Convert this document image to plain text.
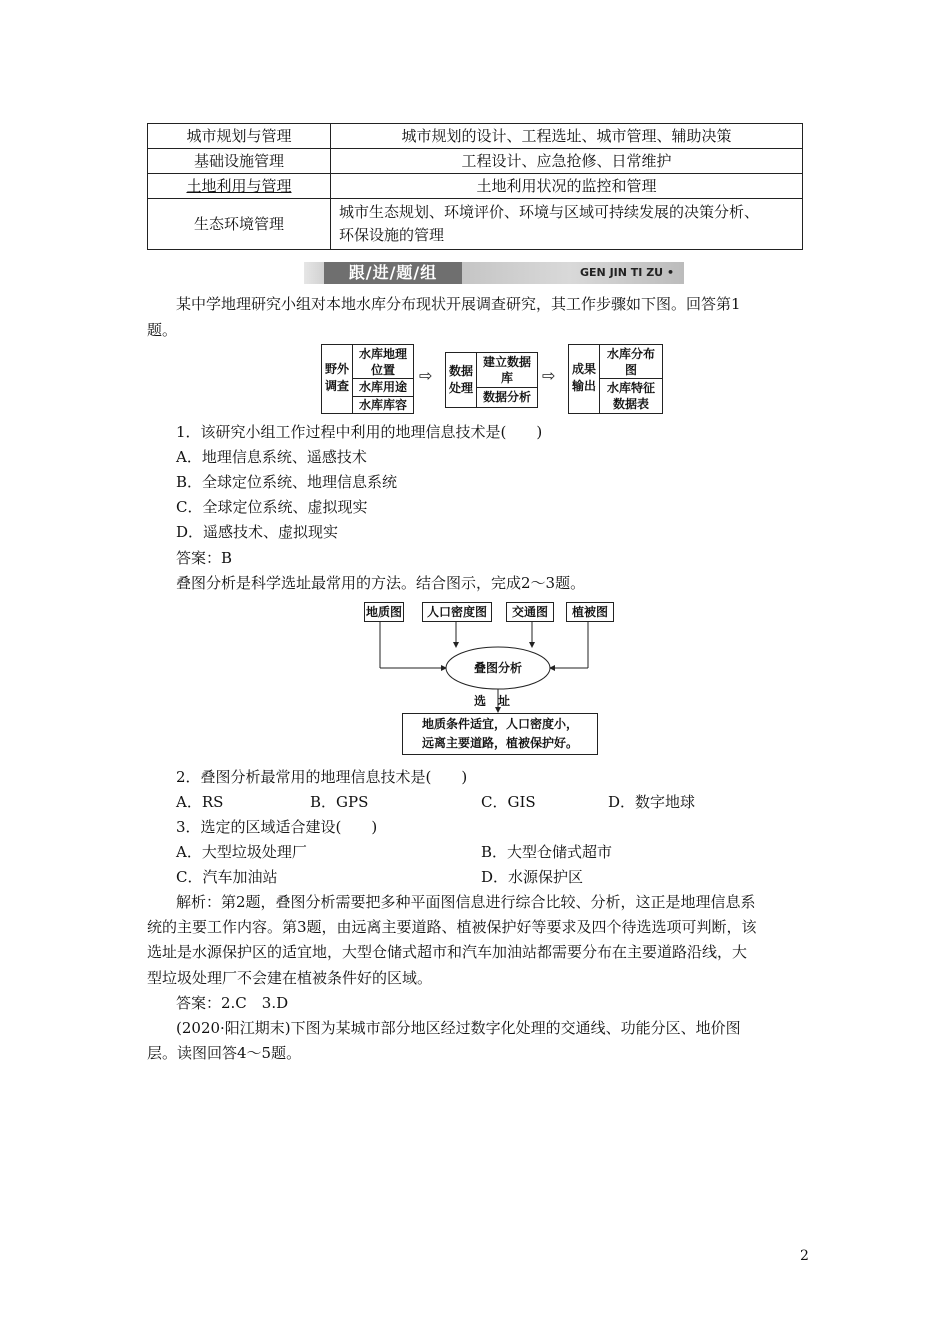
城市规划与管理	城市规划的设计、工程选址、城市管理、辅助决策
基础设施管理	工程设计、应急抢修、日常维护
土地利用与管理	土地利用状况的监控和管理
生态环境管理	城市生态规划、环境评价、环境与区域可持续发展的决策分析、
环保设施的管理
跟/进/题/组	GEN JIN TI ZU •
某中学地理研究小组对本地水库分布现状开展调查研究，其工作步骤如下图。回答第1
题。
野外调查
水库地理位置
水库用途
水库库容
⇨	数据处理
建立数据库
数据分析
⇨	成果输出
水库分布图
水库特征数据表
1．该研究小组工作过程中利用的地理信息技术是(　　)
A．地理信息系统、遥感技术
B．全球定位系统、地理信息系统
C．全球定位系统、虚拟现实
D．遥感技术、虚拟现实
答案：B
叠图分析是科学选址最常用的方法。结合图示，完成2～3题。
地质图	人口密度图	交通图	植被图
叠图分析
选　址
地质条件适宜，人口密度小，
远离主要道路，植被保护好。
2．叠图分析最常用的地理信息技术是(　　)
A．RS	B．GPS	C．GIS	D．数字地球
3．选定的区域适合建设(　　)
A．大型垃圾处理厂	B．大型仓储式超市
C．汽车加油站	D．水源保护区
解析：第2题，叠图分析需要把多种平面图信息进行综合比较、分析，这正是地理信息系
统的主要工作内容。第3题，由远离主要道路、植被保护好等要求及四个待选选项可判断，该
选址是水源保护区的适宜地，大型仓储式超市和汽车加油站都需要分布在主要道路沿线，大
型垃圾处理厂不会建在植被条件好的区域。
答案：2.C　3.D
(2020·阳江期末)下图为某城市部分地区经过数字化处理的交通线、功能分区、地价图
层。读图回答4～5题。
2
